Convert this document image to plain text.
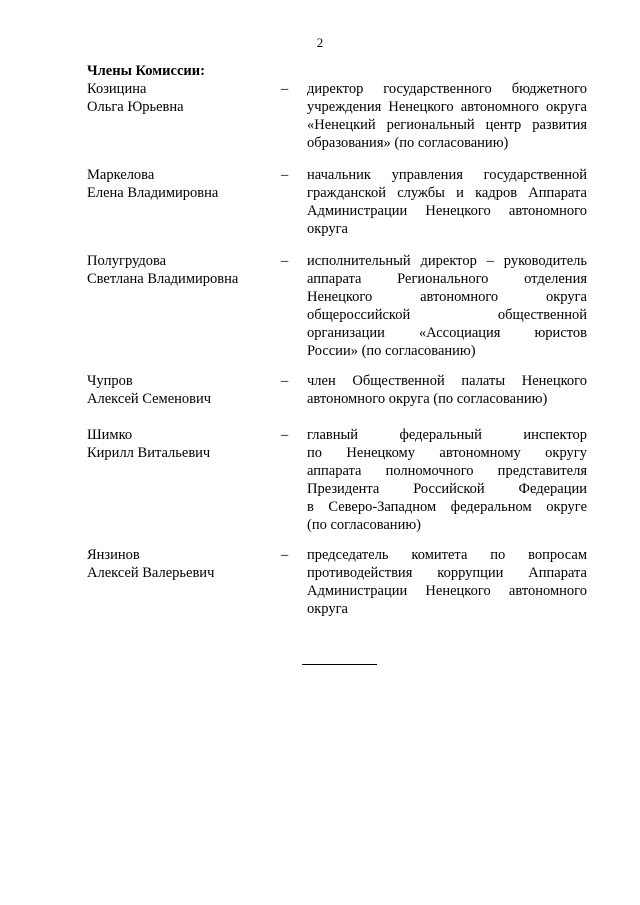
2
Члены Комиссии:
Козицина
Ольга Юрьевна
– директор государственного бюджетного
учреждения Ненецкого автономного округа
«Ненецкий региональный центр развития
образования» (по согласованию)
Маркелова
Елена Владимировна
– начальник управления государственной
гражданской службы и кадров Аппарата
Администрации Ненецкого автономного
округа
Полугрудова
Светлана Владимировна
– исполнительный директор – руководитель
аппарата Регионального отделения
Ненецкого автономного округа
общероссийской общественной
организации «Ассоциация юристов
России» (по согласованию)
Чупров
Алексей Семенович
– член Общественной палаты Ненецкого
автономного округа (по согласованию)
Шимко
Кирилл Витальевич
– главный федеральный инспектор
по Ненецкому автономному округу
аппарата полномочного представителя
Президента Российской Федерации
в Северо-Западном федеральном округе
(по согласованию)
Янзинов
Алексей Валерьевич
– председатель комитета по вопросам
противодействия коррупции Аппарата
Администрации Ненецкого автономного
округа
